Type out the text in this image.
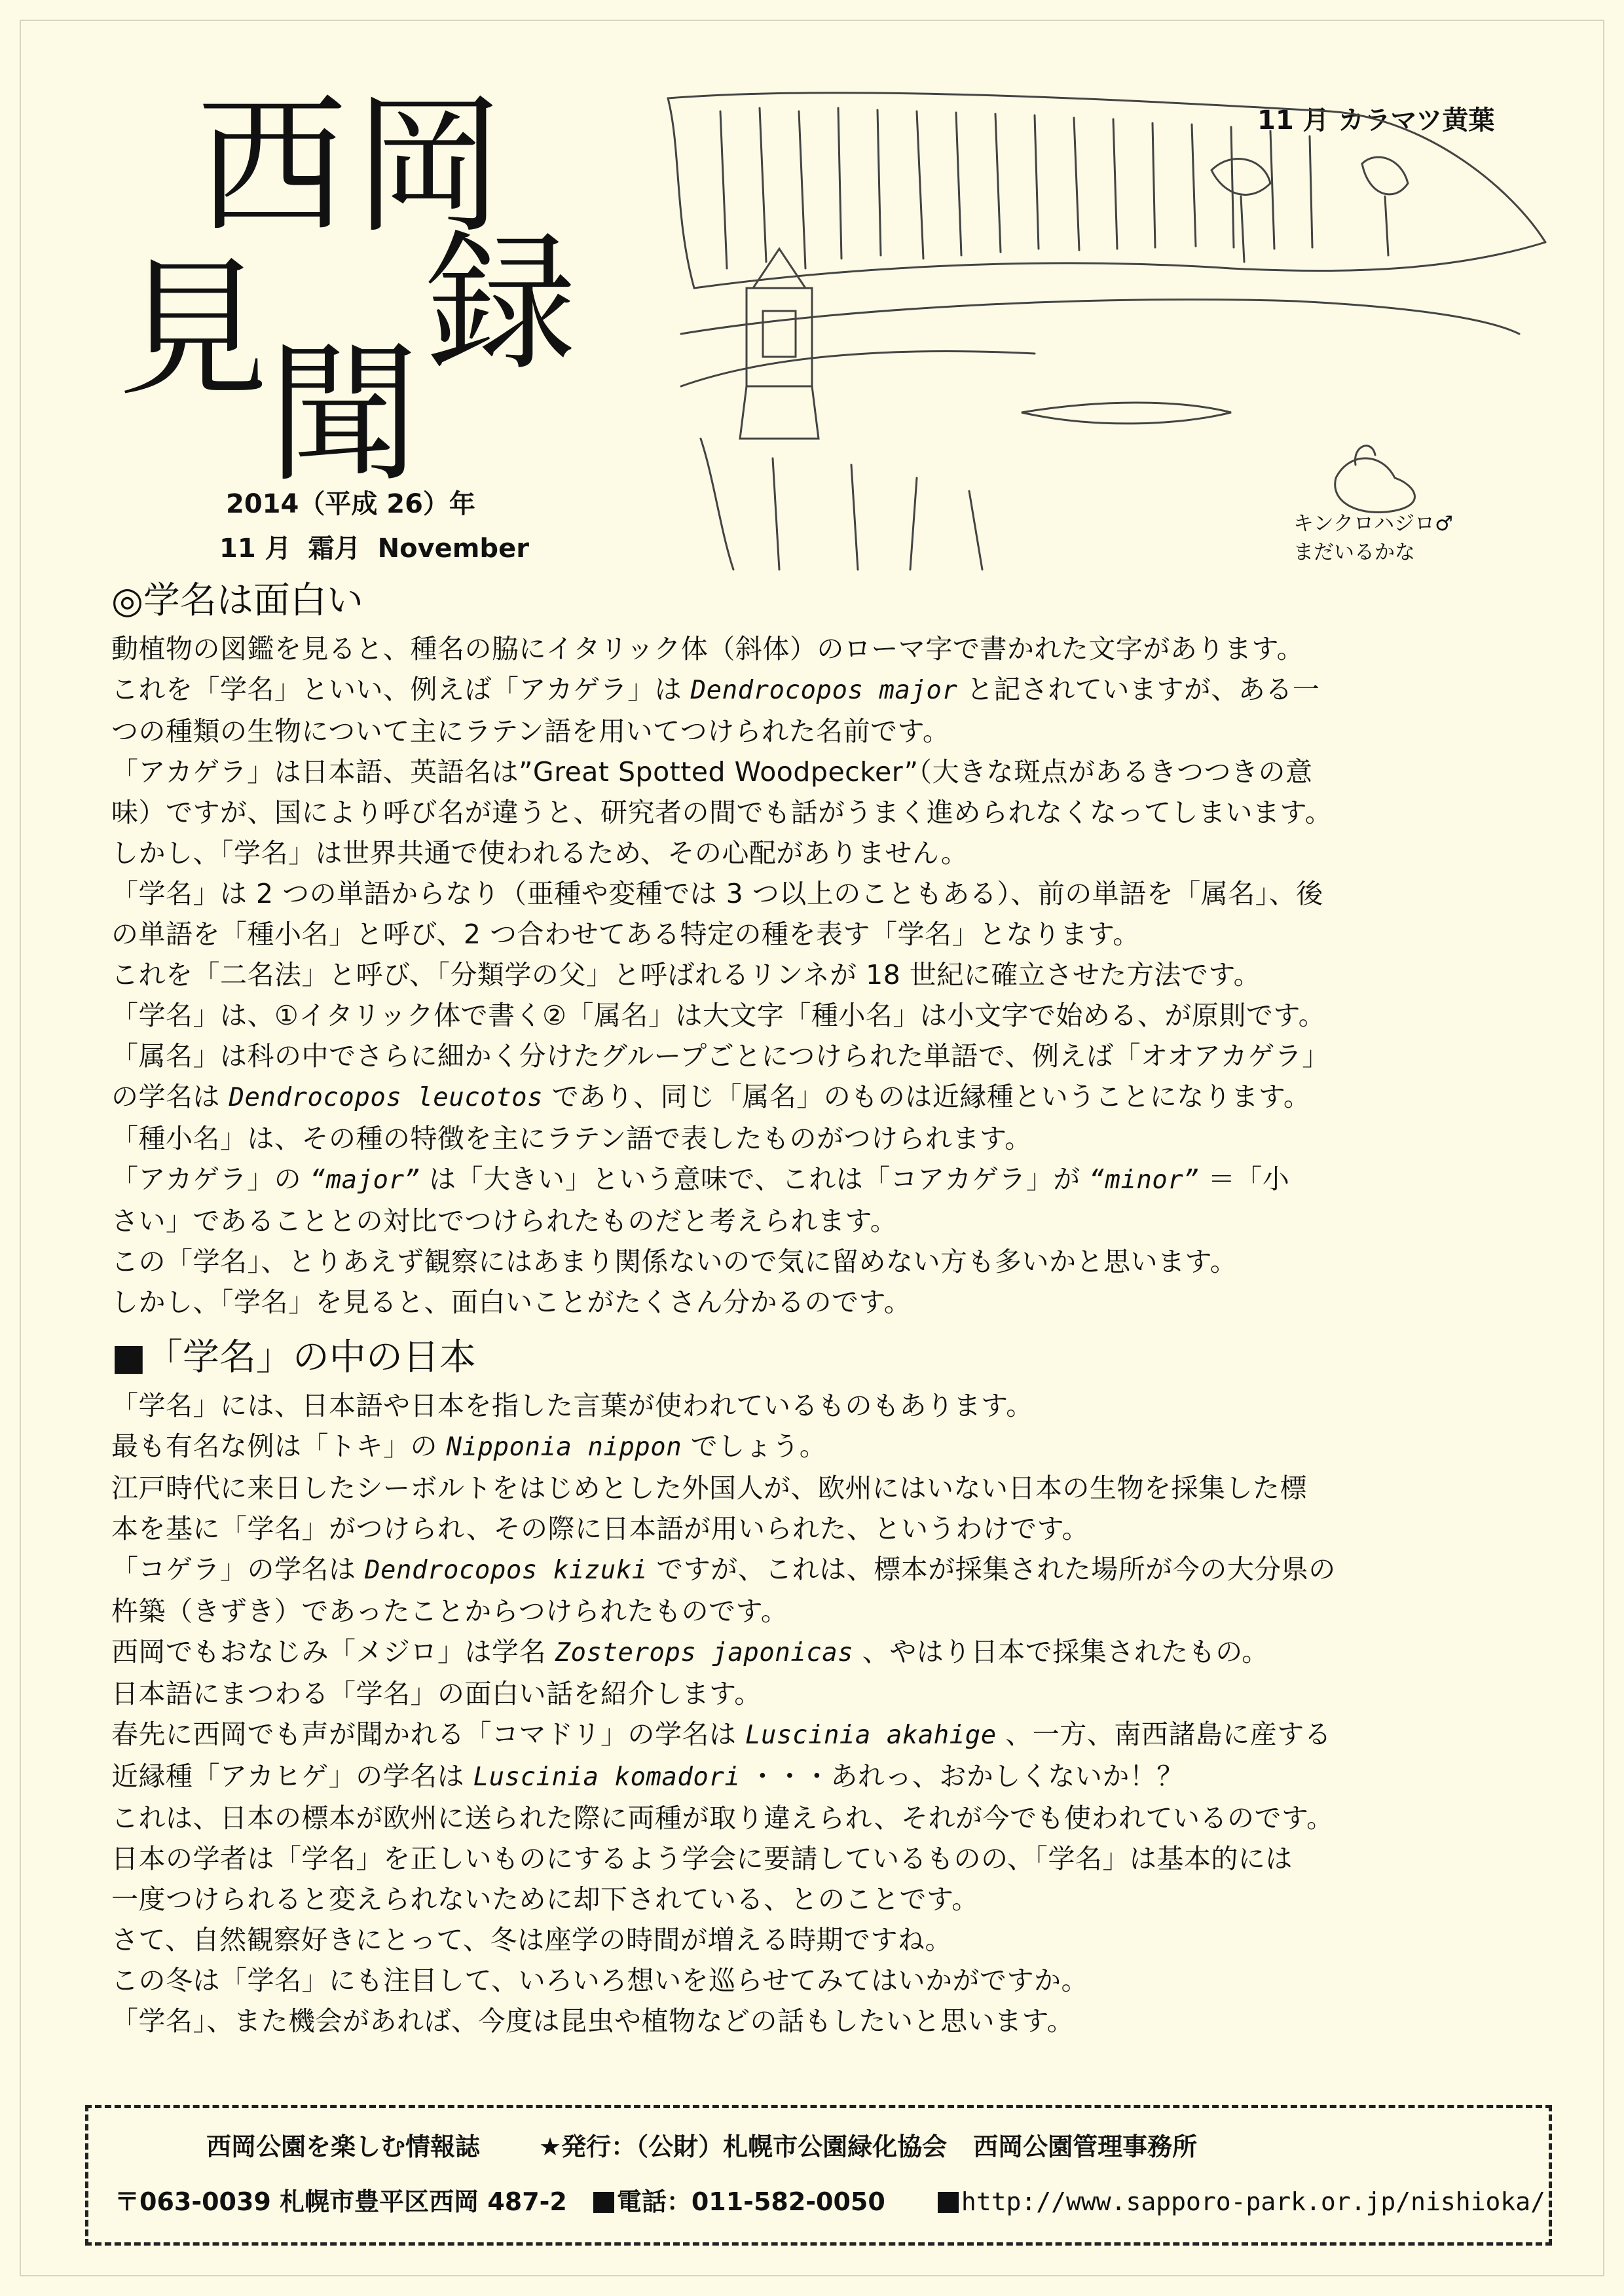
西 岡
見 録
聞
2014（平成 26）年
11 月 霜月 November
11 月 カラマツ黄葉
キンクロハジロ♂
まだいるかな
◎学名は面白い

動植物の図鑑を見ると、種名の脇にイタリック体（斜体）のローマ字で書かれた文字があります。

これを「学名」といい、例えば「アカゲラ」は Dendrocopos major と記されていますが、ある一

つの種類の生物について主にラテン語を用いてつけられた名前です。

「アカゲラ」は日本語、英語名は”Great Spotted Woodpecker”（大きな斑点があるきつつきの意

味）ですが、国により呼び名が違うと、研究者の間でも話がうまく進められなくなってしまいます。

しかし、「学名」は世界共通で使われるため、その心配がありません。

「学名」は 2 つの単語からなり（亜種や変種では 3 つ以上のこともある）、前の単語を「属名」、後

の単語を「種小名」と呼び、2 つ合わせてある特定の種を表す「学名」となります。

これを「二名法」と呼び、「分類学の父」と呼ばれるリンネが 18 世紀に確立させた方法です。

「学名」は、①イタリック体で書く②「属名」は大文字「種小名」は小文字で始める、が原則です。

「属名」は科の中でさらに細かく分けたグループごとにつけられた単語で、例えば「オオアカゲラ」

の学名は Dendrocopos leucotos であり、同じ「属名」のものは近縁種ということになります。

「種小名」は、その種の特徴を主にラテン語で表したものがつけられます。

「アカゲラ」の “major” は「大きい」という意味で、これは「コアカゲラ」が “minor” ＝「小

さい」であることとの対比でつけられたものだと考えられます。

この「学名」、とりあえず観察にはあまり関係ないので気に留めない方も多いかと思います。

しかし、「学名」を見ると、面白いことがたくさん分かるのです。

■「学名」の中の日本

「学名」には、日本語や日本を指した言葉が使われているものもあります。

最も有名な例は「トキ」の Nipponia nippon でしょう。

江戸時代に来日したシーボルトをはじめとした外国人が、欧州にはいない日本の生物を採集した標

本を基に「学名」がつけられ、その際に日本語が用いられた、というわけです。

「コゲラ」の学名は Dendrocopos kizuki ですが、これは、標本が採集された場所が今の大分県の

杵築（きずき）であったことからつけられたものです。

西岡でもおなじみ「メジロ」は学名 Zosterops japonicas 、やはり日本で採集されたもの。

日本語にまつわる「学名」の面白い話を紹介します。

春先に西岡でも声が聞かれる「コマドリ」の学名は Luscinia akahige 、一方、南西諸島に産する

近縁種「アカヒゲ」の学名は Luscinia komadori ・・・あれっ、おかしくないか！？

これは、日本の標本が欧州に送られた際に両種が取り違えられ、それが今でも使われているのです。

日本の学者は「学名」を正しいものにするよう学会に要請しているものの、「学名」は基本的には

一度つけられると変えられないために却下されている、とのことです。

さて、自然観察好きにとって、冬は座学の時間が増える時期ですね。

この冬は「学名」にも注目して、いろいろ想いを巡らせてみてはいかがですか。

「学名」、また機会があれば、今度は昆虫や植物などの話もしたいと思います。

西岡公園を楽しむ情報誌 ★発行：（公財）札幌市公園緑化協会 西岡公園管理事務所
〒063-0039 札幌市豊平区西岡 487-2 電話：011-582-0050	http://www.sapporo-park.or.jp/nishioka/
